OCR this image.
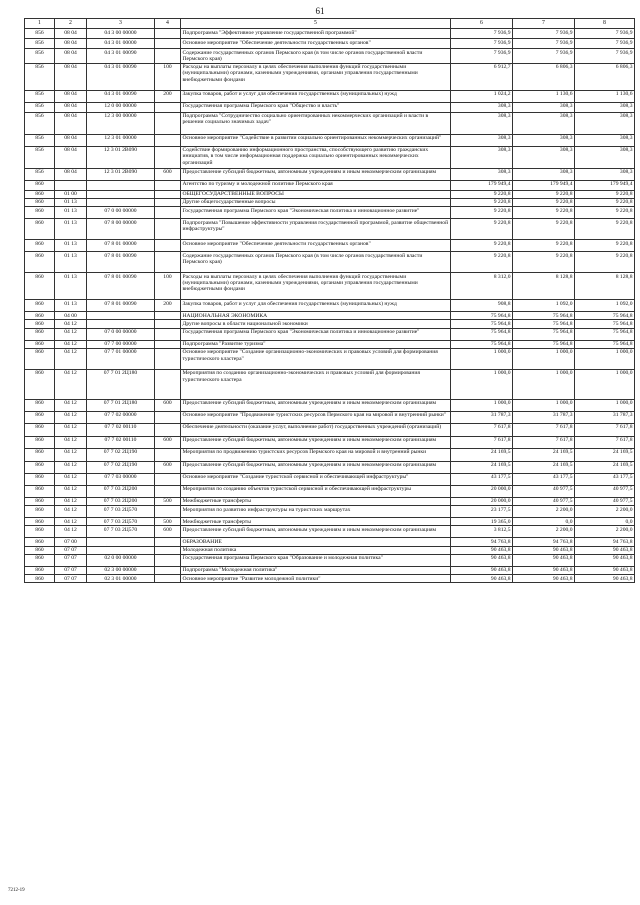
61
1	2	3	4	5	6	7	8
856	08 04	04 3 00 00000		Подпрограмма "Эффективное управление государственной программой"	7 936,9	7 936,9	7 936,9
856	08 04	04 3 01 00000		Основное мероприятие "Обеспечение деятельности государственных органов"	7 936,9	7 936,9	7 936,9
856	08 04	04 3 01 00090		Содержание государственных органов Пермского края (в том числе органов государственной власти Пермского края)	7 936,9	7 936,9	7 936,9
856	08 04	04 3 01 00090	100	Расходы на выплаты персоналу в целях обеспечения выполнения функций государственными (муниципальными) органами, казенными учреждениями, органами управления государственными внебюджетными фондами	6 912,7	6 806,3	6 806,3
856	08 04	04 3 01 00090	200	Закупка товаров, работ и услуг для обеспечения государственных (муниципальных) нужд	1 024,2	1 130,6	1 130,6
856	08 04	12 0 00 00000		Государственная программа Пермского края "Общество и власть"	308,3	308,3	308,3
856	08 04	12 3 00 00000		Подпрограмма "Сотрудничество социально ориентированных некоммерческих организаций и власти в решении социально значимых задач"	308,3	308,3	308,3
856	08 04	12 3 01 00000		Основное мероприятие "Содействие в развитии социально ориентированных некоммерческих организаций"	308,3	308,3	308,3
856	08 04	12 3 01 2В090		Содействие формированию информационного пространства, способствующего развитию гражданских инициатив, в том числе информационная поддержка социально ориентированных некоммерческих организаций	308,3	308,3	308,3
856	08 04	12 3 01 2В090	600	Предоставление субсидий бюджетным, автономным учреждениям и иным некоммерческим организациям	308,3	308,3	308,3
860				Агентство по туризму и молодежной политике Пермского края	179 949,4	179 949,4	179 949,4
860	01 00			ОБЩЕГОСУДАРСТВЕННЫЕ ВОПРОСЫ	9 220,8	9 220,8	9 220,8
860	01 13			Другие общегосударственные вопросы	9 220,8	9 220,8	9 220,8
860	01 13	07 0 00 00000		Государственная программа Пермского края "Экономическая политика и инновационное развитие"	9 220,8	9 220,8	9 220,8
860	01 13	07 8 00 00000		Подпрограмма "Повышение эффективности управления государственной программой, развитие общественной инфраструктуры"	9 220,8	9 220,8	9 220,8
860	01 13	07 8 01 00000		Основное мероприятие "Обеспечение деятельности государственных органов"	9 220,8	9 220,8	9 220,8
860	01 13	07 8 01 00090		Содержание государственных органов Пермского края (в том числе органов государственной власти Пермского края)	9 220,8	9 220,8	9 220,8
860	01 13	07 8 01 00090	100	Расходы на выплаты персоналу в целях обеспечения выполнения функций государственными (муниципальными) органами, казенными учреждениями, органами управления государственными внебюджетными фондами	8 312,0	8 128,8	8 128,8
860	01 13	07 8 01 00090	200	Закупка товаров, работ и услуг для обеспечения государственных (муниципальных) нужд	908,8	1 092,0	1 092,0
860	04 00			НАЦИОНАЛЬНАЯ ЭКОНОМИКА	75 964,8	75 964,8	75 964,8
860	04 12			Другие вопросы в области национальной экономики	75 964,8	75 964,8	75 964,8
860	04 12	07 0 00 00000		Государственная программа Пермского края "Экономическая политика и инновационное развитие"	75 964,8	75 964,8	75 964,8
860	04 12	07 7 00 00000		Подпрограмма "Развитие туризма"	75 964,8	75 964,8	75 964,8
860	04 12	07 7 01 00000		Основное мероприятие "Создание организационно-экономических и правовых условий для формирования туристического кластера"	1 000,0	1 000,0	1 000,0
860	04 12	07 7 01 2Ц180		Мероприятия по созданию организационно-экономических и правовых условий для формирования туристического кластера	1 000,0	1 000,0	1 000,0
860	04 12	07 7 01 2Ц180	600	Предоставление субсидий бюджетным, автономным учреждениям и иным некоммерческим организациям	1 000,0	1 000,0	1 000,0
860	04 12	07 7 02 00000		Основное мероприятие "Продвижение туристских ресурсов Пермского края на мировой и внутренний рынки"	31 787,3	31 787,3	31 787,3
860	04 12	07 7 02 00110		Обеспечение деятельности (оказание услуг, выполнение работ) государственных учреждений (организаций)	7 617,8	7 617,8	7 617,8
860	04 12	07 7 02 00110	600	Предоставление субсидий бюджетным, автономным учреждениям и иным некоммерческим организациям	7 617,8	7 617,8	7 617,8
860	04 12	07 7 02 2Ц190		Мероприятия по продвижению туристских ресурсов Пермского края на мировой и внутренний рынки	24 169,5	24 169,5	24 169,5
860	04 12	07 7 02 2Ц190	600	Предоставление субсидий бюджетным, автономным учреждениям и иным некоммерческим организациям	24 169,5	24 169,5	24 169,5
860	04 12	07 7 03 00000		Основное мероприятие "Создание туристской сервисной и обеспечивающей инфраструктуры"	43 177,5	43 177,5	43 177,5
860	04 12	07 7 03 2Ц200		Мероприятия по созданию объектов туристской сервисной и обеспечивающей инфраструктуры	20 000,0	40 977,5	40 977,5
860	04 12	07 7 03 2Ц200	500	Межбюджетные трансферты	20 000,0	40 977,5	40 977,5
860	04 12	07 7 03 2Ц570		Мероприятия по развитию инфраструктуры на туристских маршрутах	23 177,5	2 200,0	2 200,0
860	04 12	07 7 03 2Ц570	500	Межбюджетные трансферты	19 365,0	0,0	0,0
860	04 12	07 7 03 2Ц570	600	Предоставление субсидий бюджетным, автономным учреждениям и иным некоммерческим организациям	3 812,5	2 200,0	2 200,0
860	07 00			ОБРАЗОВАНИЕ	94 763,8	94 763,8	94 763,8
860	07 07			Молодежная политика	90 463,8	90 463,8	90 463,8
860	07 07	02 0 00 00000		Государственная программа Пермского края "Образование и молодежная политика"	90 463,8	90 463,8	90 463,8
860	07 07	02 3 00 00000		Подпрограмма "Молодежная политика"	90 463,8	90 463,8	90 463,8
860	07 07	02 3 01 00000		Основное мероприятие "Развитие молодежной политики"	90 463,8	90 463,8	90 463,8
7212-19
